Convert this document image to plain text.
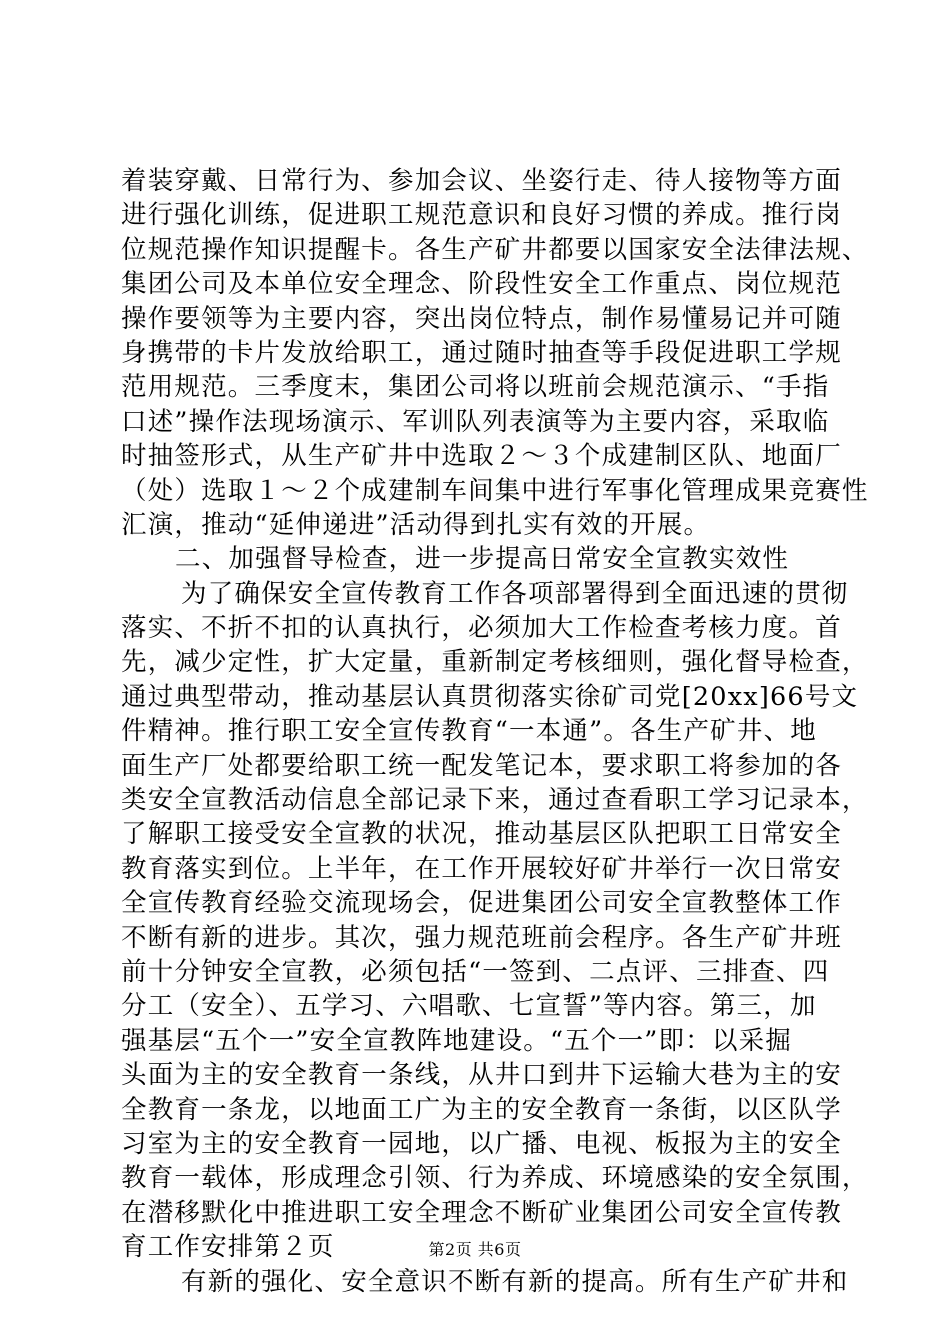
着装穿戴、日常行为、参加会议、坐姿行走、待人接物等方面
进行强化训练，促进职工规范意识和良好习惯的养成。推行岗
位规范操作知识提醒卡。各生产矿井都要以国家安全法律法规、
集团公司及本单位安全理念、阶段性安全工作重点、岗位规范
操作要领等为主要内容，突出岗位特点，制作易懂易记并可随
身携带的卡片发放给职工，通过随时抽查等手段促进职工学规
范用规范。三季度末，集团公司将以班前会规范演示、“手指
口述”操作法现场演示、军训队列表演等为主要内容，采取临
时抽签形式，从生产矿井中选取２～３个成建制区队、地面厂
（处）选取１～２个成建制车间集中进行军事化管理成果竞赛性
汇演，推动“延伸递进”活动得到扎实有效的开展。
二、加强督导检查，进一步提高日常安全宣教实效性
为了确保安全宣传教育工作各项部署得到全面迅速的贯彻
落实、不折不扣的认真执行，必须加大工作检查考核力度。首
先，减少定性，扩大定量，重新制定考核细则，强化督导检查，
通过典型带动，推动基层认真贯彻落实徐矿司党[20xx]66号文
件精神。推行职工安全宣传教育“一本通”。各生产矿井、地
面生产厂处都要给职工统一配发笔记本，要求职工将参加的各
类安全宣教活动信息全部记录下来，通过查看职工学习记录本，
了解职工接受安全宣教的状况，推动基层区队把职工日常安全
教育落实到位。上半年，在工作开展较好矿井举行一次日常安
全宣传教育经验交流现场会，促进集团公司安全宣教整体工作
不断有新的进步。其次，强力规范班前会程序。各生产矿井班
前十分钟安全宣教，必须包括“一签到、二点评、三排查、四
分工（安全）、五学习、六唱歌、七宣誓”等内容。第三，加
强基层“五个一”安全宣教阵地建设。“五个一”即：以采掘
头面为主的安全教育一条线，从井口到井下运输大巷为主的安
全教育一条龙，以地面工广为主的安全教育一条街，以区队学
习室为主的安全教育一园地，以广播、电视、板报为主的安全
教育一载体，形成理念引领、行为养成、环境感染的安全氛围，
在潜移默化中推进职工安全理念不断矿业集团公司安全宣传教
育工作安排第２页
有新的强化、安全意识不断有新的提高。所有生产矿井和
第2页 共6页
